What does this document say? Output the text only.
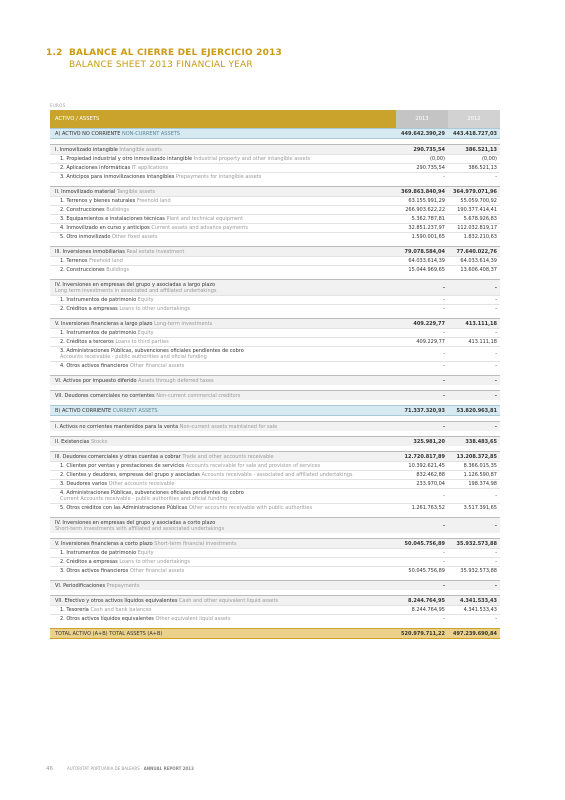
1.2 BALANCE AL CIERRE DEL EJERCICIO 2013
BALANCE SHEET 2013 FINANCIAL YEAR
EUROS
ACTIVO / ASSETS	2013	2012
A) ACTIVO NO CORRIENTE NON-CURRENT ASSETS	449.642.390,29	443.418.727,03
I. Inmovilizado intangible Intangible assets	290.735,54	386.521,13
1. Propiedad industrial y otro inmovilizado intangible Industrial property and other intangible assets	(0,00)	(0,00)
2. Aplicaciones informáticas IT applications	290.735,54	386.521,13
3. Anticipos para inmovilizaciones intangibles Prepayments for intangible assets	-	-
II. Inmovilizado material Tangible assets	369.863.840,94	364.979.071,96
1. Terrenos y bienes naturales Freehold land	63.155.991,29	55.059.700,92
2. Construcciones Buildings	266.903.622,22	190.377.414,41
3. Equipamientos e instalaciones técnicas Plant and technical equipment	5.362.787,81	5.678.926,83
4. Inmovilizado en curso y anticipos Current assets and advance payments	32.851.237,97	112.032.819,17
5. Otro inmovilizado Other fixed assets	1.590.001,65	1.832.210,63
III. Inversiones inmobiliarias Real estate investment	79.078.584,04	77.640.022,76
1. Terrenos Freehold land	64.033.614,39	64.033.614,39
2. Construcciones Buildings	15.044.969,65	13.606.408,37
IV. Inversiones en empresas del grupo y asociadas a largo plazo
Long term investments in associated and affiliated undertakings	-	-
1. Instrumentos de patrimonio Equity	-	-
2. Créditos a empresas Loans to other undertakings	-	-
V. Inversiones financieras a largo plazo Long-term investments	409.229,77	413.111,18
1. Instrumentos de patrimonio Equity	-	-
2. Créditos a terceros Loans to third parties	409.229,77	413.111,18
3. Administraciones Públicas, subvenciones oficiales pendientes de cobro
Accounts receivable - public authorities and oficial funding	-	-
4. Otros activos financieros Other financial assets	-	-
VI. Activos por impuesto diferido Assets through deferred taxes	-	-
VII. Deudores comerciales no corrientes Non-current commercial creditors	-	-
B) ACTIVO CORRIENTE CURRENT ASSETS	71.337.320,93	53.820.963,81
I. Activos no corrientes mantenidos para la venta Non-current assets maintained for sale	-	-
II. Existencias Stocks	325.981,20	338.483,65
III. Deudores comerciales y otras cuentas a cobrar Trade and other accounts receivable	12.720.817,89	13.208.372,85
1. Clientes por ventas y prestaciones de servicios Accounts receivable for sale and provision of services	10.392.621,45	8.366.015,35
2. Clientes y deudores, empresas del grupo y asociadas Accounts receivable - associated and affiliated undertakings	832.462,88	1.126.590,87
3. Deudores varios Other accounts receivable	233.970,04	198.374,98
4. Administraciones Públicas, subvenciones oficiales pendientes de cobro
Current Accounts receivable - public authorities and oficial funding	-	-
5. Otros créditos con las Administraciones Públicas Other accounts receivable with public authorities	1.261.763,52	3.517.391,65
IV. Inversiones en empresas del grupo y asociadas a corto plazo
Short-term investments with affiliated and associated undertakings	-	-
V. Inversiones financieras a corto plazo Short-term financial investments	50.045.756,89	35.932.573,88
1. Instrumentos de patrimonio Equity	-	-
2. Créditos a empresas Loans to other undertakings	-	-
3. Otros activos financieros Other financial assets	50.045.756,89	35.932.573,88
VI. Periodificaciones Prepayments	-	-
VII. Efectivo y otros activos líquidos equivalentes Cash and other equivalent liquid assets	8.244.764,95	4.341.533,43
1. Tesorería Cash and bank balances	8.244.764,95	4.341.533,43
2. Otros activos líquidos equivalentes Other equivalent liquid assets	-	-
TOTAL ACTIVO (A+B) TOTAL ASSETS (A+B)	520.979.711,22	497.239.690,84
46	AUTORITAT PORTUÀRIA DE BALEARS · ANNUAL REPORT 2013
